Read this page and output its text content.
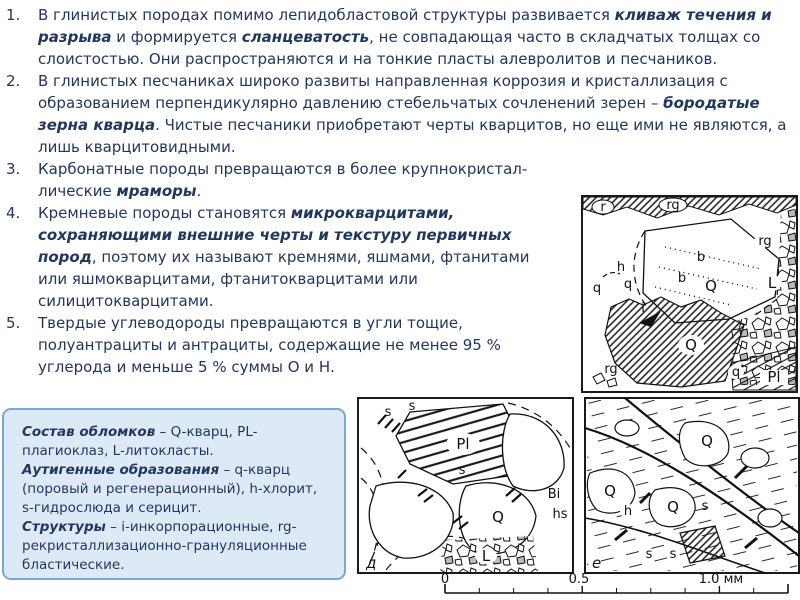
1.	В глинистых породах помимо лепидобластовой структуры развивается кливаж течения и разрыва и формируется сланцеватость, не совпадающая часто в складчатых толщах со слоистостью. Они распространяются и на тонкие пласты алевролитов и песчаников.
2.	В глинистых песчаниках широко развиты направленная коррозия и кристаллизация с образованием перпендикулярно давлению стебельчатых сочленений зерен – бородатые зерна кварца. Чистые песчаники приобретают черты кварцитов, но еще ими не являются, а лишь кварцитовидными.
3.	Карбонатные породы превращаются в более крупнокристал-лические мраморы.
4.	Кремневые породы становятся микрокварцитами, сохраняющими внешние черты и текстуру первичных пород, поэтому их называют кремнями, яшмами, фтанитами или яшмокварцитами, фтанитокварцитами или силицитокварцитами.
5.	Твердые углеводороды превращаются в угли тощие, полуантрациты и антрациты, содержащие не менее 95 % углерода и меньше 5 % суммы О и Н.

Состав обломков – Q-кварц, PL-плагиоклаз, L-литокласты.

Аутигенные образования – q-кварц (поровый и регенерационный), h-хлорит, s-гидрослюда и серицит.

Структуры – i-инкорпорационные, rg-рекристаллизационно-грануляционные бластические.

r	rg
rg
h
q q
b
b Q
i
Q
rg
L
q Pl
s s
Pl
s
Q
Bi
hs
L
д
Q
Q
Q
h	s
s s
е
0	0.5	1.0 мм
